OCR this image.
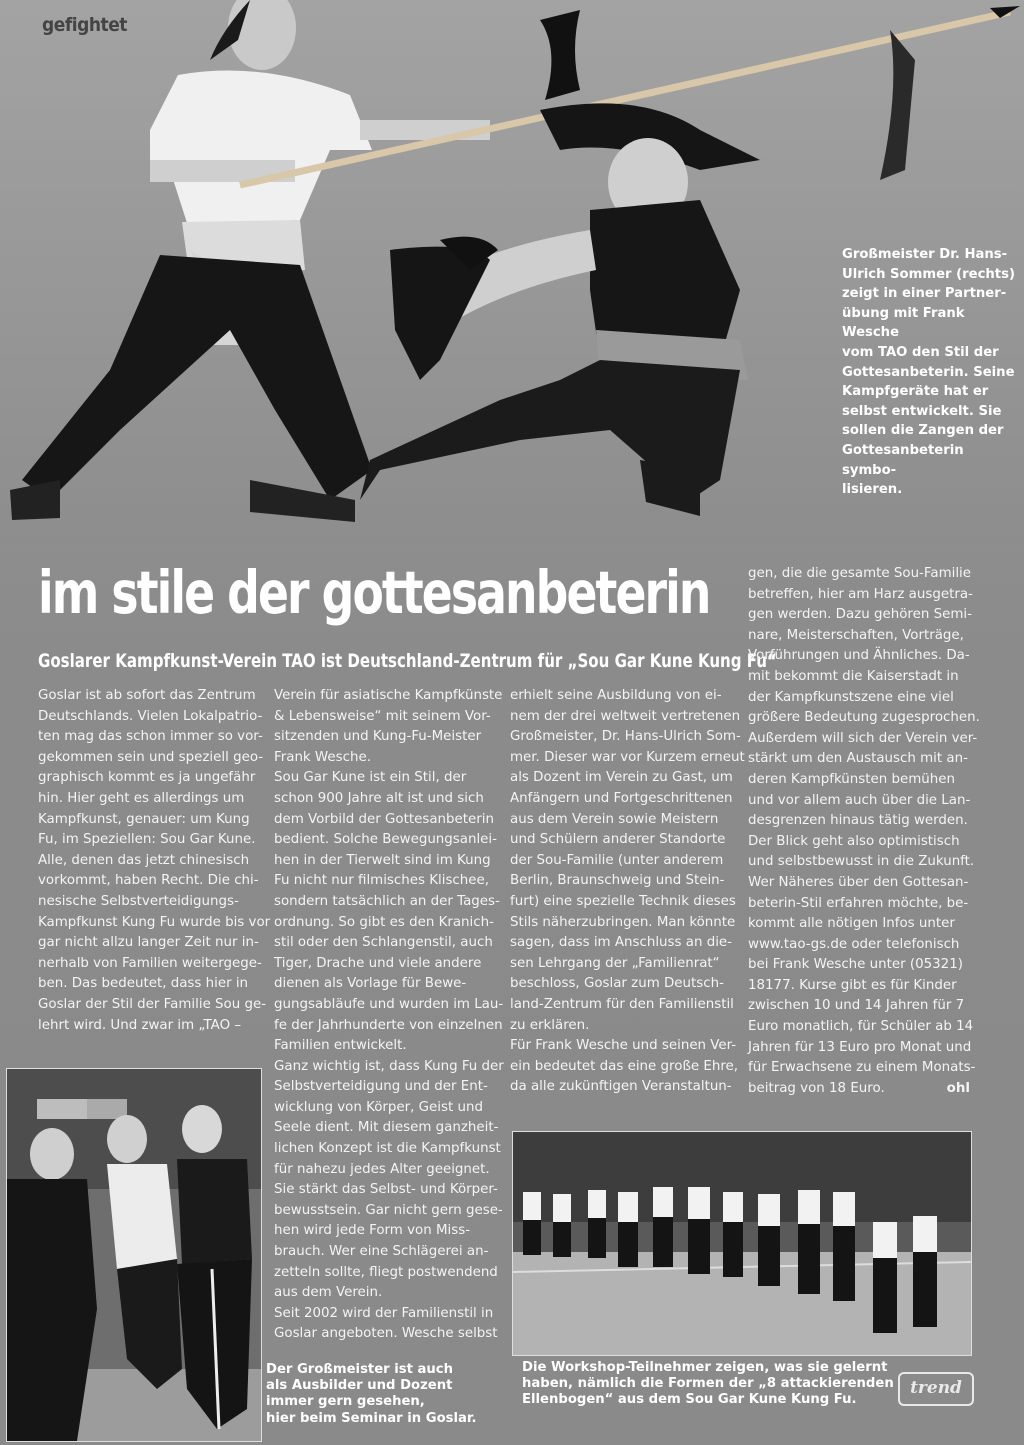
gefightet
Großmeister Dr. Hans-
Ulrich Sommer (rechts)
zeigt in einer Partner-
übung mit Frank Wesche
vom TAO den Stil der
Gottesanbeterin. Seine
Kampfgeräte hat er
selbst entwickelt. Sie
sollen die Zangen der
Gottesanbeterin symbo-
lisieren.
im stile der gottesanbeterin
Goslarer Kampfkunst-Verein TAO ist Deutschland-Zentrum für „Sou Gar Kune Kung Fu“

Goslar ist ab sofort das Zentrum

Deutschlands. Vielen Lokalpatrio-

ten mag das schon immer so vor-

gekommen sein und speziell geo-

graphisch kommt es ja ungefähr

hin. Hier geht es allerdings um

Kampfkunst, genauer: um Kung

Fu, im Speziellen: Sou Gar Kune.

Alle, denen das jetzt chinesisch

vorkommt, haben Recht. Die chi-

nesische Selbstverteidigungs-

Kampfkunst Kung Fu wurde bis vor

gar nicht allzu langer Zeit nur in-

nerhalb von Familien weitergege-

ben. Das bedeutet, dass hier in

Goslar der Stil der Familie Sou ge-

lehrt wird. Und zwar im „TAO –

Verein für asiatische Kampfkünste

& Lebensweise“ mit seinem Vor-

sitzenden und Kung-Fu-Meister

Frank Wesche.

Sou Gar Kune ist ein Stil, der

schon 900 Jahre alt ist und sich

dem Vorbild der Gottesanbeterin

bedient. Solche Bewegungsanlei-

hen in der Tierwelt sind im Kung

Fu nicht nur filmisches Klischee,

sondern tatsächlich an der Tages-

ordnung. So gibt es den Kranich-

stil oder den Schlangenstil, auch

Tiger, Drache und viele andere

dienen als Vorlage für Bewe-

gungsabläufe und wurden im Lau-

fe der Jahrhunderte von einzelnen

Familien entwickelt.

Ganz wichtig ist, dass Kung Fu der

Selbstverteidigung und der Ent-

wicklung von Körper, Geist und

Seele dient. Mit diesem ganzheit-

lichen Konzept ist die Kampfkunst

für nahezu jedes Alter geeignet.

Sie stärkt das Selbst- und Körper-

bewusstsein. Gar nicht gern gese-

hen wird jede Form von Miss-

brauch. Wer eine Schlägerei an-

zetteln sollte, fliegt postwendend

aus dem Verein.

Seit 2002 wird der Familienstil in

Goslar angeboten. Wesche selbst

erhielt seine Ausbildung von ei-

nem der drei weltweit vertretenen

Großmeister, Dr. Hans-Ulrich Som-

mer. Dieser war vor Kurzem erneut

als Dozent im Verein zu Gast, um

Anfängern und Fortgeschrittenen

aus dem Verein sowie Meistern

und Schülern anderer Standorte

der Sou-Familie (unter anderem

Berlin, Braunschweig und Stein-

furt) eine spezielle Technik dieses

Stils näherzubringen. Man könnte

sagen, dass im Anschluss an die-

sen Lehrgang der „Familienrat“

beschloss, Goslar zum Deutsch-

land-Zentrum für den Familienstil

zu erklären.

Für Frank Wesche und seinen Ver-

ein bedeutet das eine große Ehre,

da alle zukünftigen Veranstaltun-

gen, die die gesamte Sou-Familie

betreffen, hier am Harz ausgetra-

gen werden. Dazu gehören Semi-

nare, Meisterschaften, Vorträge,

Vorführungen und Ähnliches. Da-

mit bekommt die Kaiserstadt in

der Kampfkunstszene eine viel

größere Bedeutung zugesprochen.

Außerdem will sich der Verein ver-

stärkt um den Austausch mit an-

deren Kampfkünsten bemühen

und vor allem auch über die Lan-

desgrenzen hinaus tätig werden.

Der Blick geht also optimistisch

und selbstbewusst in die Zukunft.

Wer Näheres über den Gottesan-

beterin-Stil erfahren möchte, be-

kommt alle nötigen Infos unter

www.tao-gs.de oder telefonisch

bei Frank Wesche unter (05321)

18177. Kurse gibt es für Kinder

zwischen 10 und 14 Jahren für 7

Euro monatlich, für Schüler ab 14

Jahren für 13 Euro pro Monat und

für Erwachsene zu einem Monats-

beitrag von 18 Euro.	ohl

Der Großmeister ist auch
als Ausbilder und Dozent
immer gern gesehen,
hier beim Seminar in Goslar.
Die Workshop-Teilnehmer zeigen, was sie gelernt
haben, nämlich die Formen der „8 attackierenden
Ellenbogen“ aus dem Sou Gar Kune Kung Fu.
trend
